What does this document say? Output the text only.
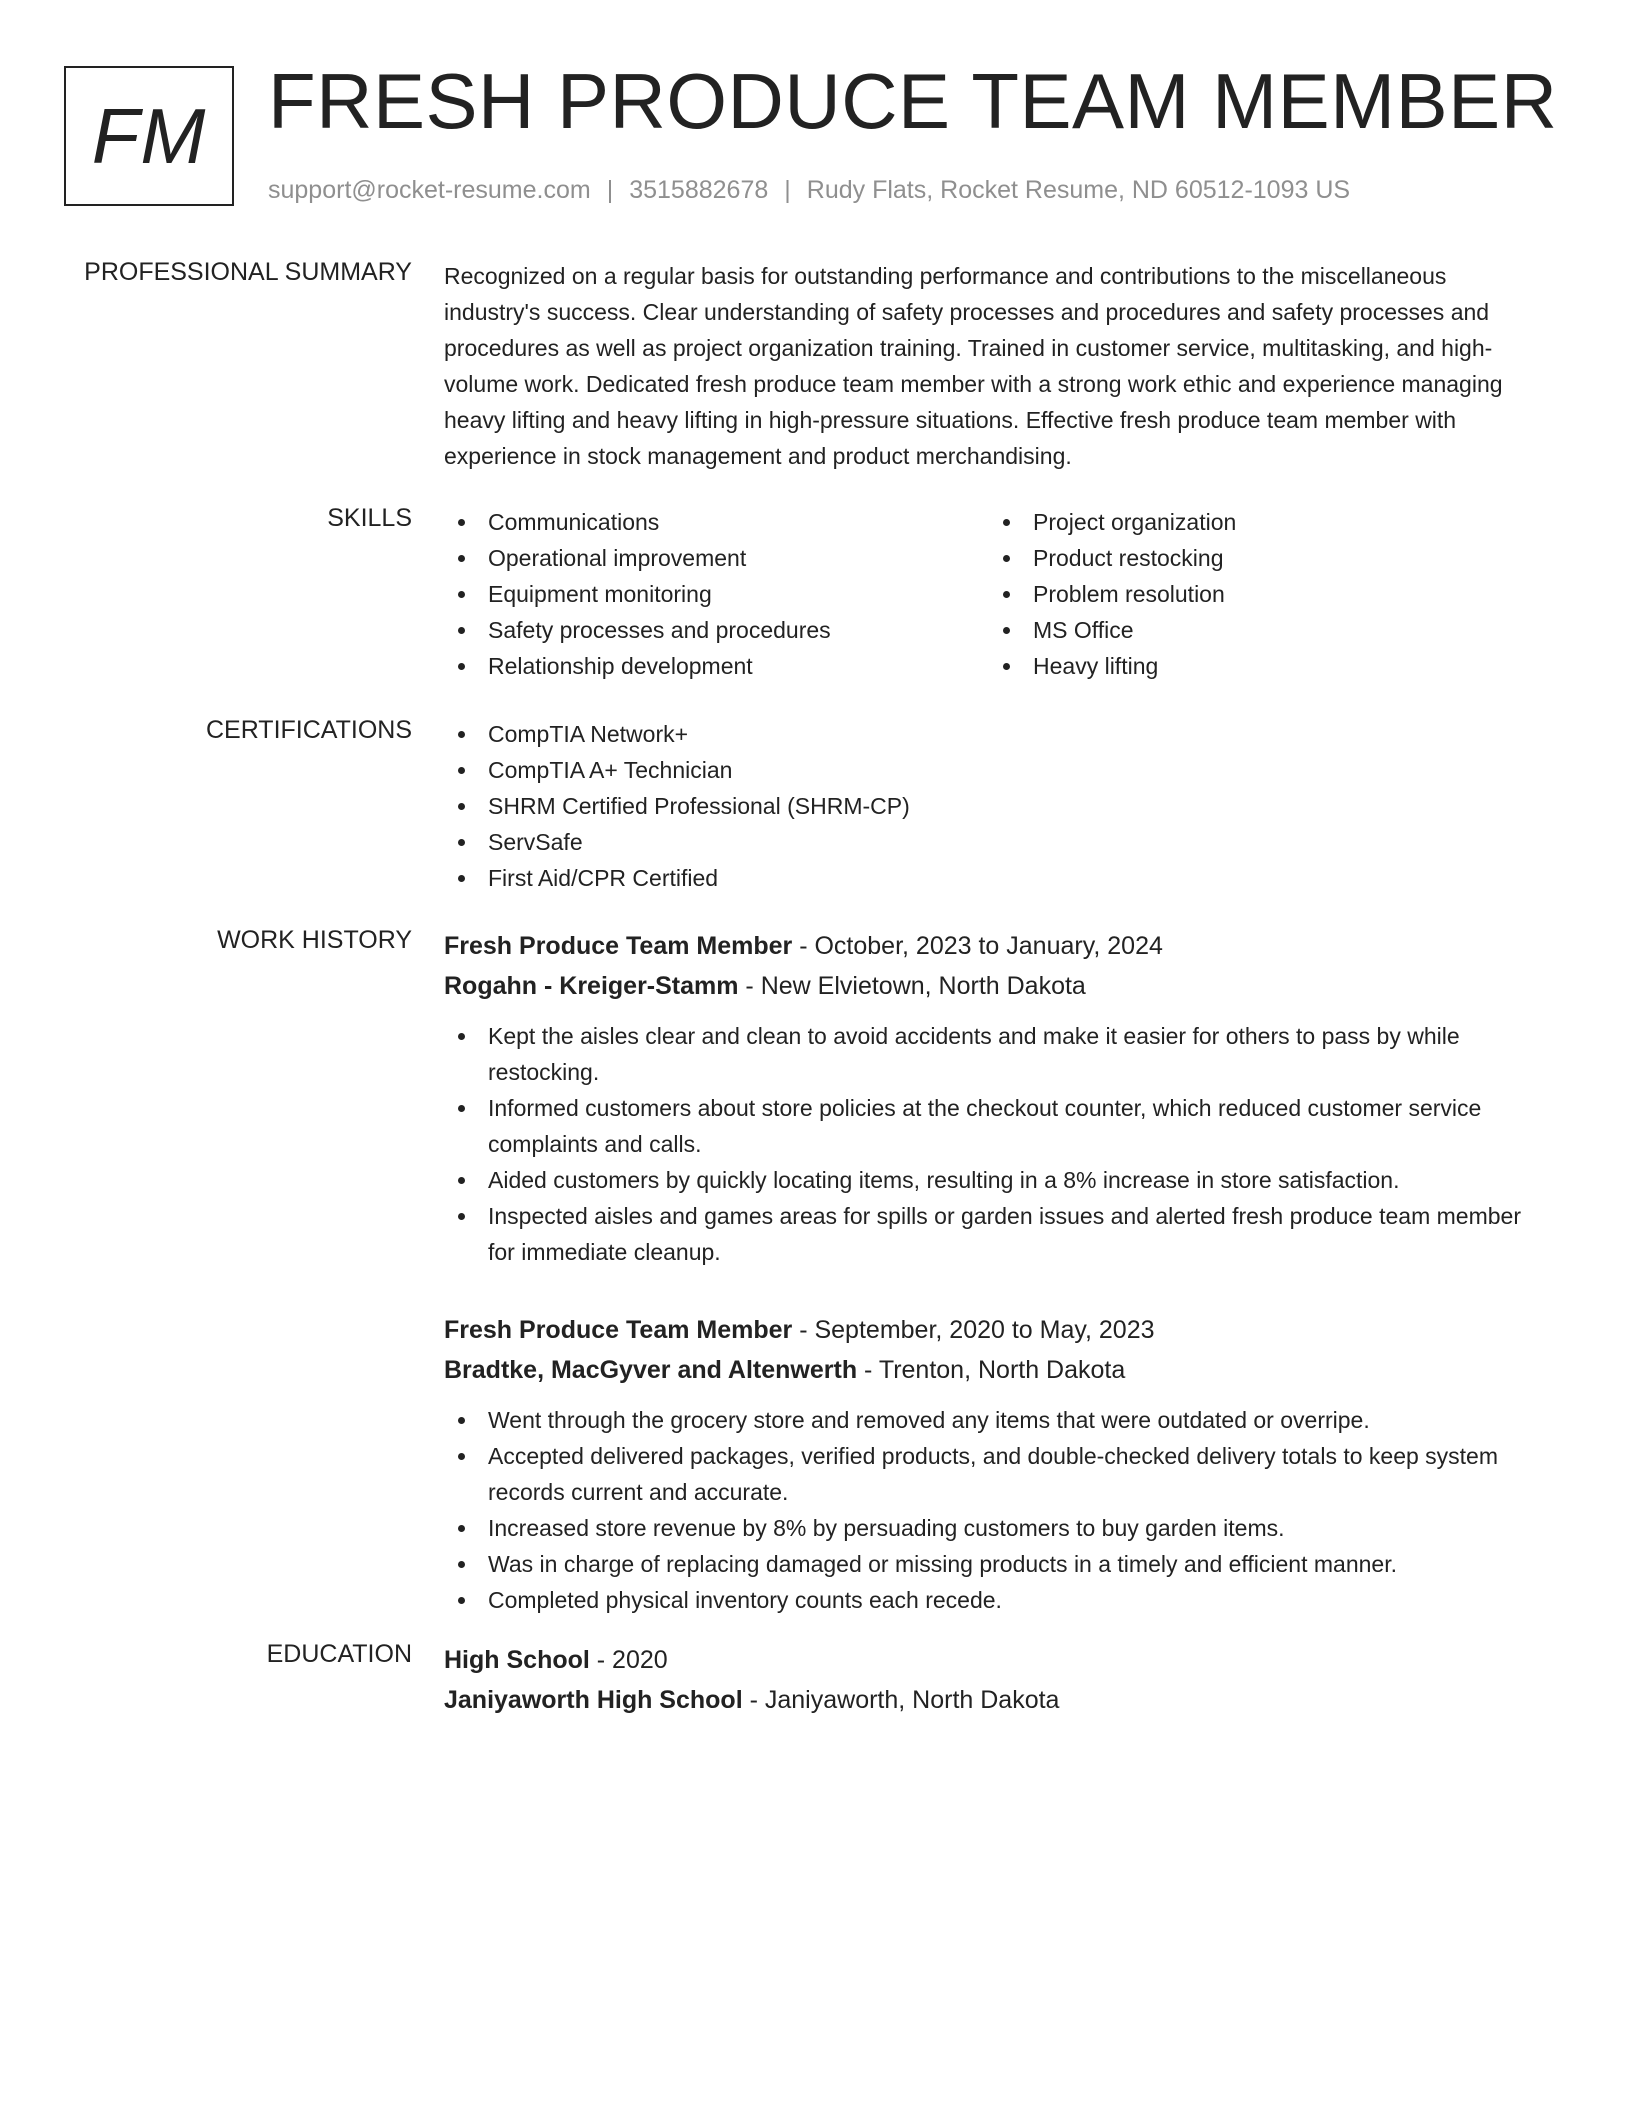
FM FRESH PRODUCE TEAM MEMBER
support@rocket-resume.com | 3515882678 | Rudy Flats, Rocket Resume, ND 60512-1093 US
PROFESSIONAL SUMMARY Recognized on a regular basis for outstanding performance and contributions to the miscellaneous industry's success. Clear understanding of safety processes and procedures and safety processes and procedures as well as project organization training. Trained in customer service, multitasking, and high-volume work. Dedicated fresh produce team member with a strong work ethic and experience managing heavy lifting and heavy lifting in high-pressure situations. Effective fresh produce team member with experience in stock management and product merchandising.

SKILLS	Communications
Operational improvement
Equipment monitoring
Safety processes and procedures
Relationship development
Project organization
Product restocking
Problem resolution
MS Office
Heavy lifting
CERTIFICATIONS	CompTIA Network+
CompTIA A+ Technician
SHRM Certified Professional (SHRM-CP)
ServSafe
First Aid/CPR Certified
WORK HISTORY Fresh Produce Team Member - October, 2023 to January, 2024
Rogahn - Kreiger-Stamm - New Elvietown, North Dakota
Kept the aisles clear and clean to avoid accidents and make it easier for others to pass by while restocking.
Informed customers about store policies at the checkout counter, which reduced customer service complaints and calls.
Aided customers by quickly locating items, resulting in a 8% increase in store satisfaction.
Inspected aisles and games areas for spills or garden issues and alerted fresh produce team member for immediate cleanup.
Fresh Produce Team Member - September, 2020 to May, 2023
Bradtke, MacGyver and Altenwerth - Trenton, North Dakota
Went through the grocery store and removed any items that were outdated or overripe.
Accepted delivered packages, verified products, and double-checked delivery totals to keep system records current and accurate.
Increased store revenue by 8% by persuading customers to buy garden items.
Was in charge of replacing damaged or missing products in a timely and efficient manner.
Completed physical inventory counts each recede.
EDUCATION High School - 2020
Janiyaworth High School - Janiyaworth, North Dakota
